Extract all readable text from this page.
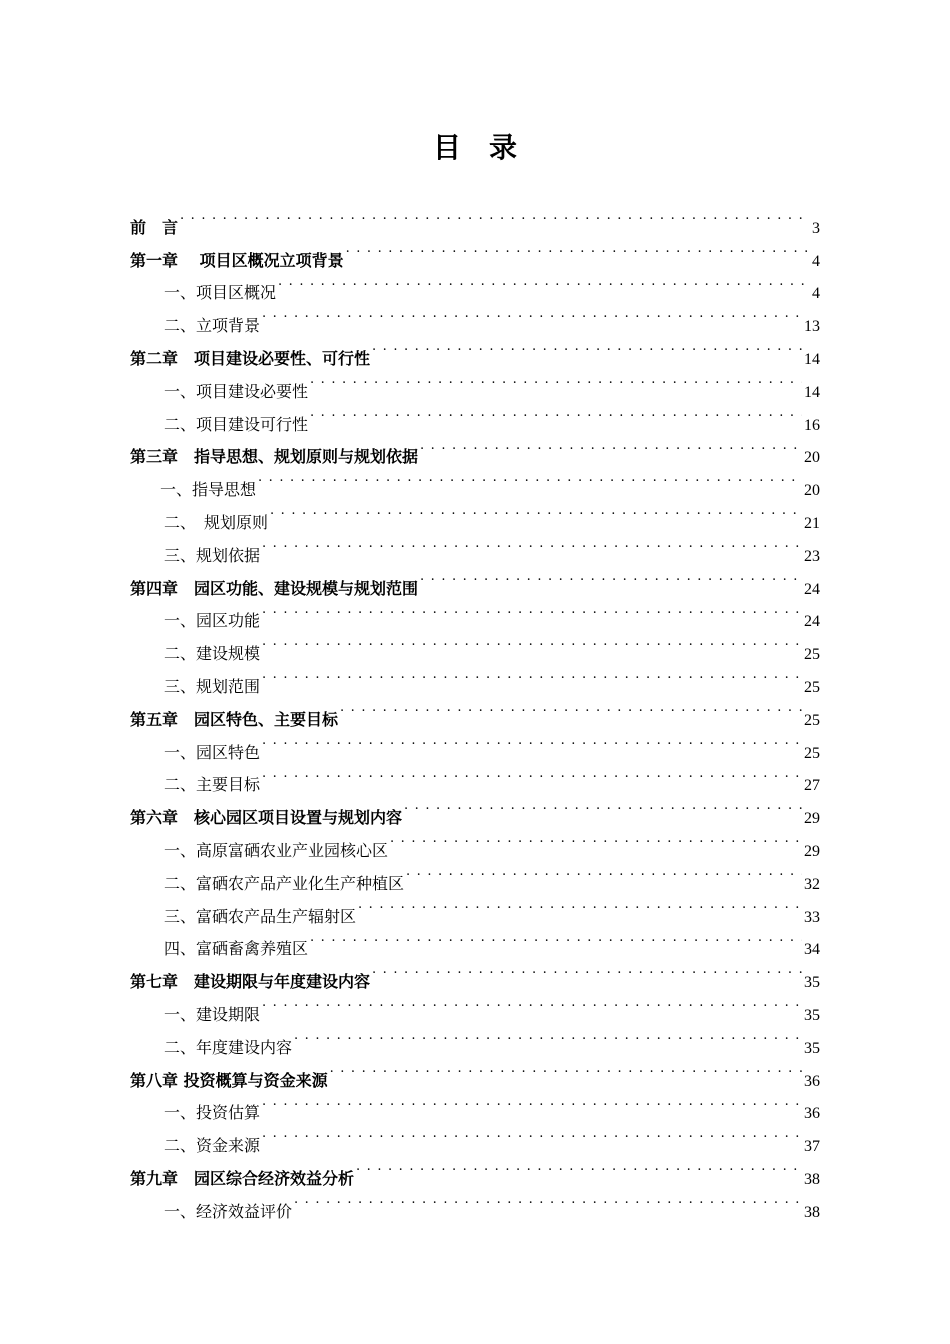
目　录
前　言 . . .	3
第一章　 项目区概况立项背景 . . .	4
一、项目区概况 . . .	4
二、立项背景 . . .	13
第二章　项目建设必要性、可行性 . . .	14
一、项目建设必要性 . . .	14
二、项目建设可行性 . . .	16
第三章　指导思想、规划原则与规划依据 . . .	20
一、指导思想 . . .	20
二、　规划原则 . . .	21
三、规划依据 . . .	23
第四章　园区功能、建设规模与规划范围 . . .	24
一、园区功能 . . .	24
二、建设规模 . . .	25
三、规划范围 . . .	25
第五章　园区特色、主要目标 . . .	25
一、园区特色 . . .	25
二、主要目标 . . .	27
第六章　核心园区项目设置与规划内容 . . .	29
一、高原富硒农业产业园核心区 . . .	29
二、富硒农产品产业化生产种植区 . . .	32
三、富硒农产品生产辐射区 . . .	33
四、富硒畜禽养殖区 . . .	34
第七章　建设期限与年度建设内容 . . .	35
一、建设期限 . . .	35
二、年度建设内容 . . .	35
第八章 投资概算与资金来源 . . .	36
一、投资估算 . . .	36
二、资金来源 . . .	37
第九章　园区综合经济效益分析 . . .	38
一、经济效益评价 . . .	38
